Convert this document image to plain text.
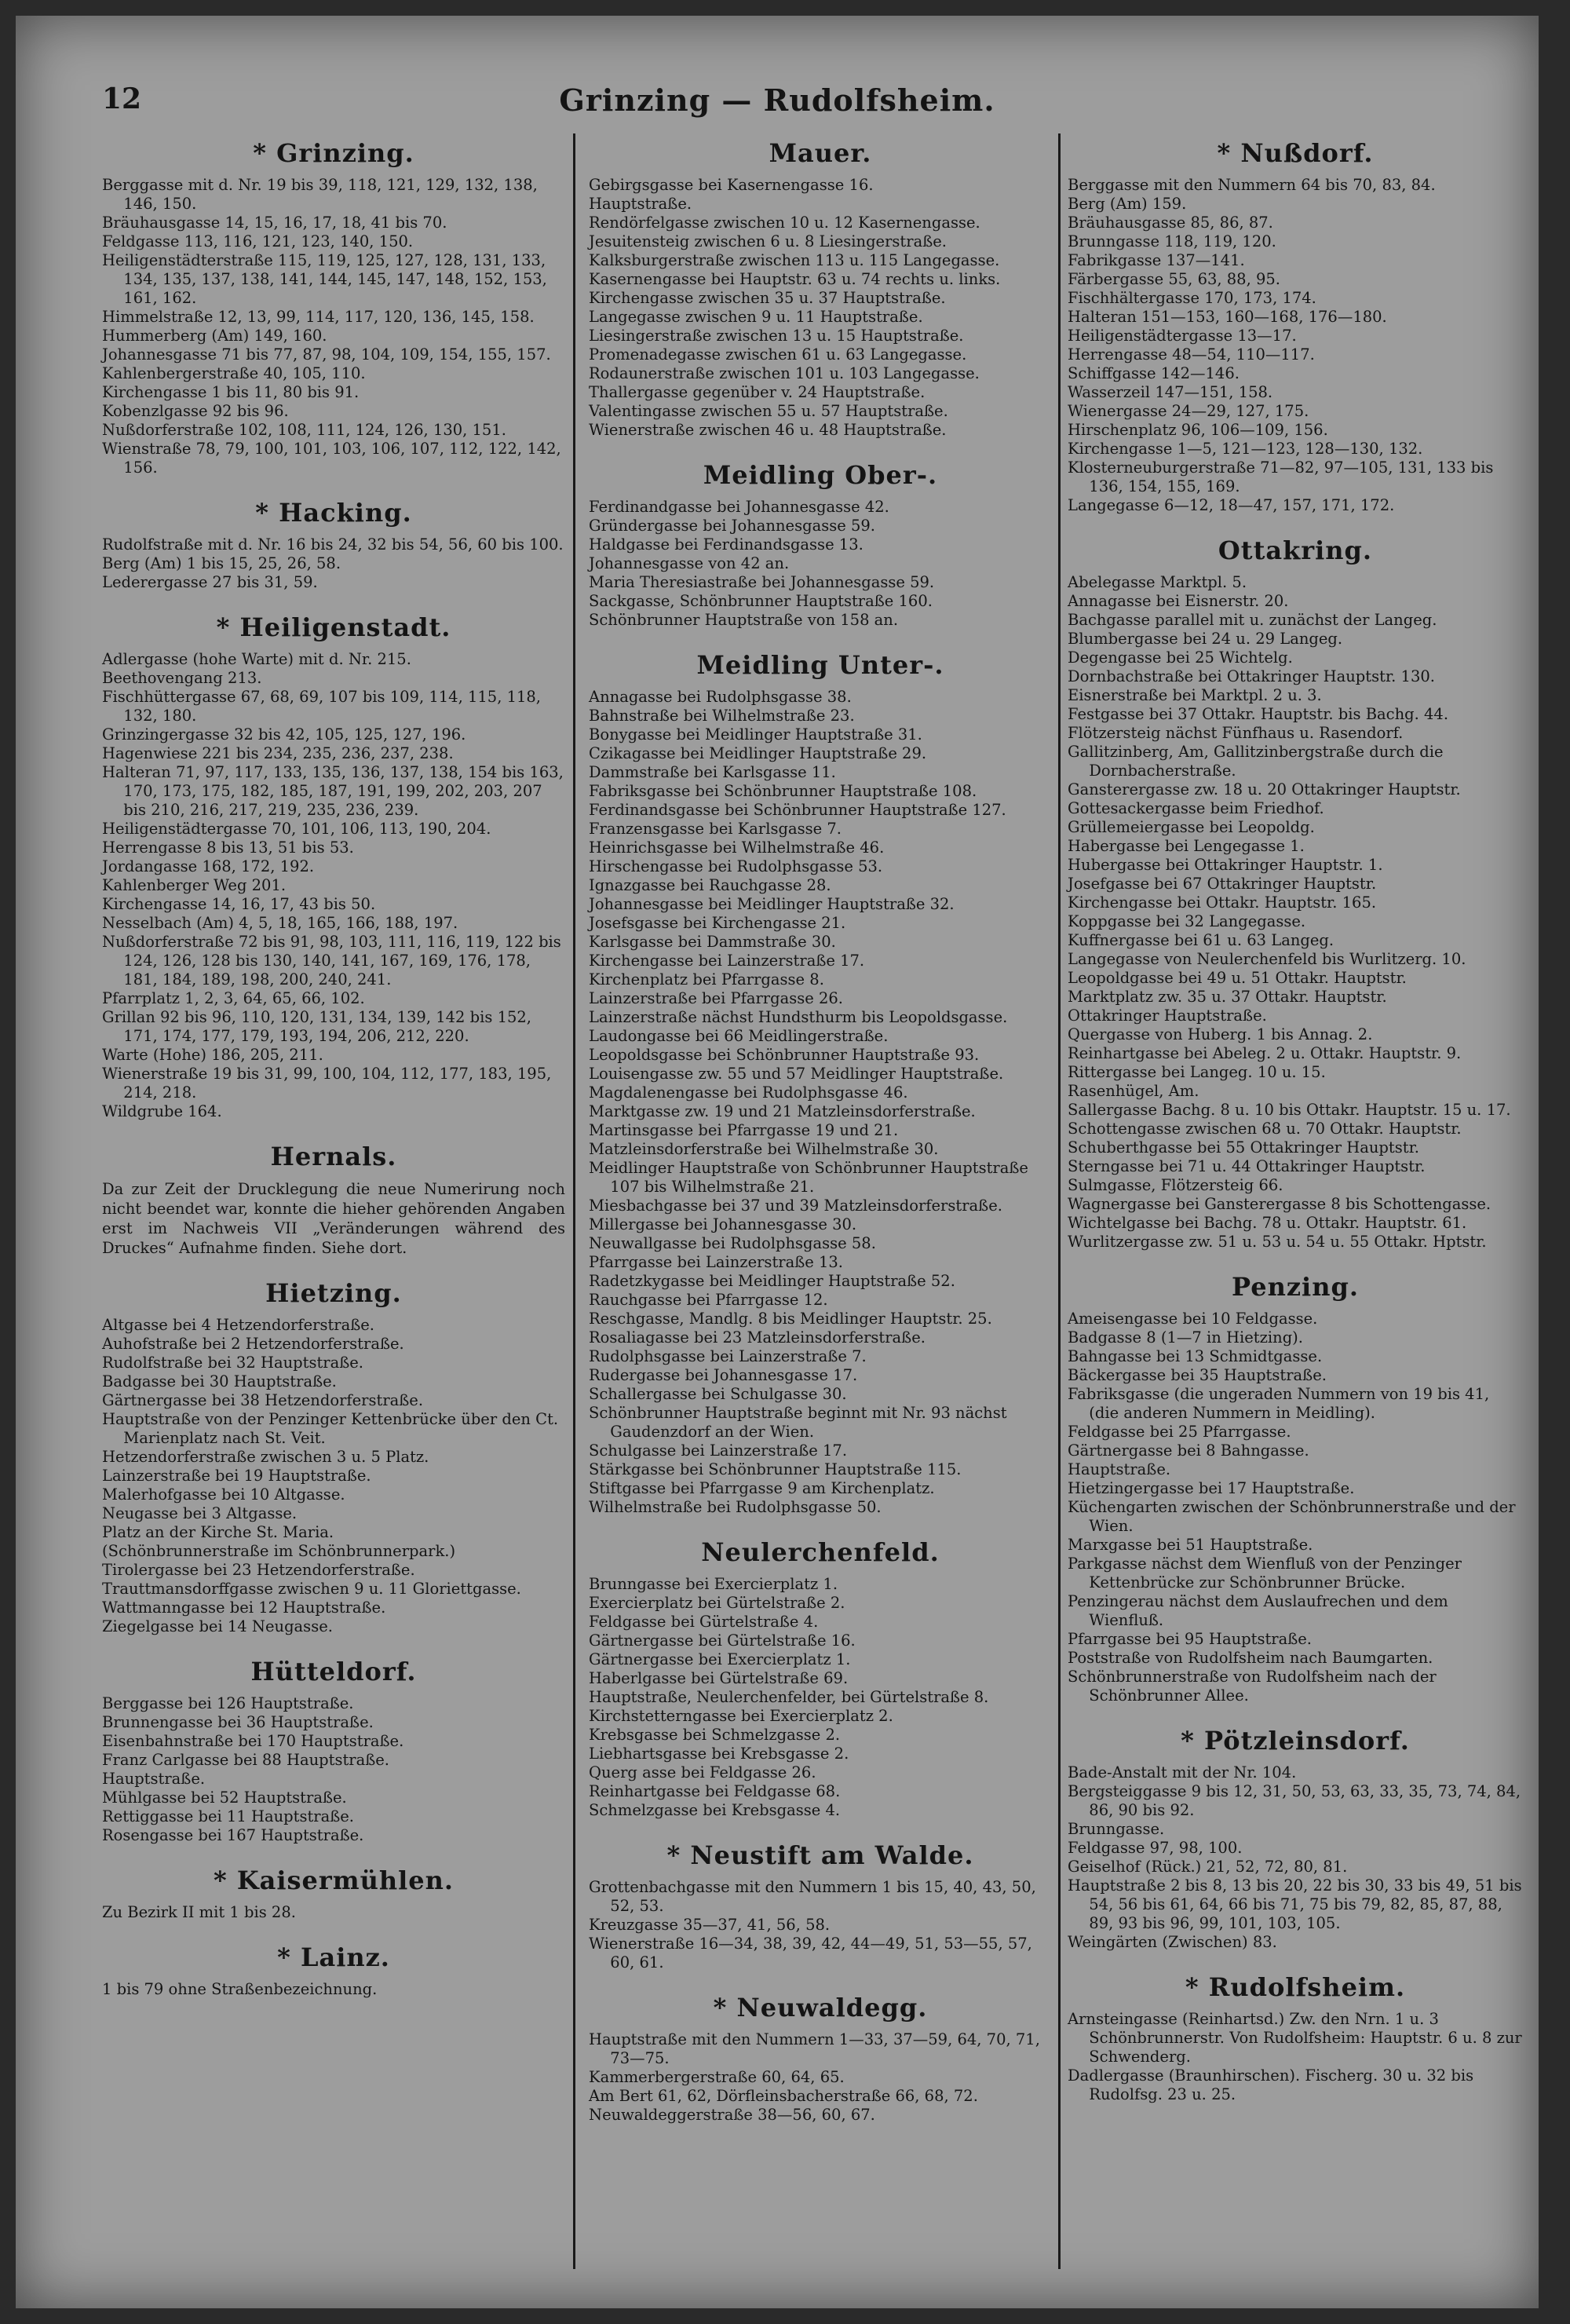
12	Grinzing — Rudolfsheim.
* Grinzing.

Berggasse mit d. Nr. 19 bis 39, 118, 121, 129, 132, 138, 146, 150.

Bräuhausgasse 14, 15, 16, 17, 18, 41 bis 70.

Feldgasse 113, 116, 121, 123, 140, 150.

Heiligenstädterstraße 115, 119, 125, 127, 128, 131, 133, 134, 135, 137, 138, 141, 144, 145, 147, 148, 152, 153, 161, 162.

Himmelstraße 12, 13, 99, 114, 117, 120, 136, 145, 158.

Hummerberg (Am) 149, 160.

Johannesgasse 71 bis 77, 87, 98, 104, 109, 154, 155, 157.

Kahlenbergerstraße 40, 105, 110.

Kirchengasse 1 bis 11, 80 bis 91.

Kobenzlgasse 92 bis 96.

Nußdorferstraße 102, 108, 111, 124, 126, 130, 151.

Wienstraße 78, 79, 100, 101, 103, 106, 107, 112, 122, 142, 156.

* Hacking.

Rudolfstraße mit d. Nr. 16 bis 24, 32 bis 54, 56, 60 bis 100.

Berg (Am) 1 bis 15, 25, 26, 58.

Lederergasse 27 bis 31, 59.

* Heiligenstadt.

Adlergasse (hohe Warte) mit d. Nr. 215.

Beethovengang 213.

Fischhüttergasse 67, 68, 69, 107 bis 109, 114, 115, 118, 132, 180.

Grinzingergasse 32 bis 42, 105, 125, 127, 196.

Hagenwiese 221 bis 234, 235, 236, 237, 238.

Halteran 71, 97, 117, 133, 135, 136, 137, 138, 154 bis 163, 170, 173, 175, 182, 185, 187, 191, 199, 202, 203, 207 bis 210, 216, 217, 219, 235, 236, 239.

Heiligenstädtergasse 70, 101, 106, 113, 190, 204.

Herrengasse 8 bis 13, 51 bis 53.

Jordangasse 168, 172, 192.

Kahlenberger Weg 201.

Kirchengasse 14, 16, 17, 43 bis 50.

Nesselbach (Am) 4, 5, 18, 165, 166, 188, 197.

Nußdorferstraße 72 bis 91, 98, 103, 111, 116, 119, 122 bis 124, 126, 128 bis 130, 140, 141, 167, 169, 176, 178, 181, 184, 189, 198, 200, 240, 241.

Pfarrplatz 1, 2, 3, 64, 65, 66, 102.

Grillan 92 bis 96, 110, 120, 131, 134, 139, 142 bis 152, 171, 174, 177, 179, 193, 194, 206, 212, 220.

Warte (Hohe) 186, 205, 211.

Wienerstraße 19 bis 31, 99, 100, 104, 112, 177, 183, 195, 214, 218.

Wildgrube 164.

Hernals.

Da zur Zeit der Drucklegung die neue Numerirung noch nicht beendet war, konnte die hieher gehörenden Angaben erst im Nachweis VII „Veränderungen während des Druckes“ Aufnahme finden. Siehe dort.

Hietzing.

Altgasse bei 4 Hetzendorferstraße.

Auhofstraße bei 2 Hetzendorferstraße.

Rudolfstraße bei 32 Hauptstraße.

Badgasse bei 30 Hauptstraße.

Gärtnergasse bei 38 Hetzendorferstraße.

Hauptstraße von der Penzinger Kettenbrücke über den Ct. Marienplatz nach St. Veit.

Hetzendorferstraße zwischen 3 u. 5 Platz.

Lainzerstraße bei 19 Hauptstraße.

Malerhofgasse bei 10 Altgasse.

Neugasse bei 3 Altgasse.

Platz an der Kirche St. Maria.

(Schönbrunnerstraße im Schönbrunnerpark.)

Tirolergasse bei 23 Hetzendorferstraße.

Trauttmansdorffgasse zwischen 9 u. 11 Gloriettgasse.

Wattmanngasse bei 12 Hauptstraße.

Ziegelgasse bei 14 Neugasse.

Hütteldorf.

Berggasse bei 126 Hauptstraße.

Brunnengasse bei 36 Hauptstraße.

Eisenbahnstraße bei 170 Hauptstraße.

Franz Carlgasse bei 88 Hauptstraße.

Hauptstraße.

Mühlgasse bei 52 Hauptstraße.

Rettiggasse bei 11 Hauptstraße.

Rosengasse bei 167 Hauptstraße.

* Kaisermühlen.

Zu Bezirk II mit 1 bis 28.

* Lainz.

1 bis 79 ohne Straßenbezeichnung.

Mauer.

Gebirgsgasse bei Kasernengasse 16.

Hauptstraße.

Rendörfelgasse zwischen 10 u. 12 Kasernengasse.

Jesuitensteig zwischen 6 u. 8 Liesingerstraße.

Kalksburgerstraße zwischen 113 u. 115 Langegasse.

Kasernengasse bei Hauptstr. 63 u. 74 rechts u. links.

Kirchengasse zwischen 35 u. 37 Hauptstraße.

Langegasse zwischen 9 u. 11 Hauptstraße.

Liesingerstraße zwischen 13 u. 15 Hauptstraße.

Promenadegasse zwischen 61 u. 63 Langegasse.

Rodaunerstraße zwischen 101 u. 103 Langegasse.

Thallergasse gegenüber v. 24 Hauptstraße.

Valentingasse zwischen 55 u. 57 Hauptstraße.

Wienerstraße zwischen 46 u. 48 Hauptstraße.

Meidling Ober-.

Ferdinandgasse bei Johannesgasse 42.

Gründergasse bei Johannesgasse 59.

Haldgasse bei Ferdinandsgasse 13.

Johannesgasse von 42 an.

Maria Theresiastraße bei Johannesgasse 59.

Sackgasse, Schönbrunner Hauptstraße 160.

Schönbrunner Hauptstraße von 158 an.

Meidling Unter-.

Annagasse bei Rudolphsgasse 38.

Bahnstraße bei Wilhelmstraße 23.

Bonygasse bei Meidlinger Hauptstraße 31.

Czikagasse bei Meidlinger Hauptstraße 29.

Dammstraße bei Karlsgasse 11.

Fabriksgasse bei Schönbrunner Hauptstraße 108.

Ferdinandsgasse bei Schönbrunner Hauptstraße 127.

Franzensgasse bei Karlsgasse 7.

Heinrichsgasse bei Wilhelmstraße 46.

Hirschengasse bei Rudolphsgasse 53.

Ignazgasse bei Rauchgasse 28.

Johannesgasse bei Meidlinger Hauptstraße 32.

Josefsgasse bei Kirchengasse 21.

Karlsgasse bei Dammstraße 30.

Kirchengasse bei Lainzerstraße 17.

Kirchenplatz bei Pfarrgasse 8.

Lainzerstraße bei Pfarrgasse 26.

Lainzerstraße nächst Hundsthurm bis Leopoldsgasse.

Laudongasse bei 66 Meidlingerstraße.

Leopoldsgasse bei Schönbrunner Hauptstraße 93.

Louisengasse zw. 55 und 57 Meidlinger Hauptstraße.

Magdalenengasse bei Rudolphsgasse 46.

Marktgasse zw. 19 und 21 Matzleinsdorferstraße.

Martinsgasse bei Pfarrgasse 19 und 21.

Matzleinsdorferstraße bei Wilhelmstraße 30.

Meidlinger Hauptstraße von Schönbrunner Hauptstraße 107 bis Wilhelmstraße 21.

Miesbachgasse bei 37 und 39 Matzleinsdorferstraße.

Millergasse bei Johannesgasse 30.

Neuwallgasse bei Rudolphsgasse 58.

Pfarrgasse bei Lainzerstraße 13.

Radetzkygasse bei Meidlinger Hauptstraße 52.

Rauchgasse bei Pfarrgasse 12.

Reschgasse, Mandlg. 8 bis Meidlinger Hauptstr. 25.

Rosaliagasse bei 23 Matzleinsdorferstraße.

Rudolphsgasse bei Lainzerstraße 7.

Rudergasse bei Johannesgasse 17.

Schallergasse bei Schulgasse 30.

Schönbrunner Hauptstraße beginnt mit Nr. 93 nächst Gaudenzdorf an der Wien.

Schulgasse bei Lainzerstraße 17.

Stärkgasse bei Schönbrunner Hauptstraße 115.

Stiftgasse bei Pfarrgasse 9 am Kirchenplatz.

Wilhelmstraße bei Rudolphsgasse 50.

Neulerchenfeld.

Brunngasse bei Exercierplatz 1.

Exercierplatz bei Gürtelstraße 2.

Feldgasse bei Gürtelstraße 4.

Gärtnergasse bei Gürtelstraße 16.

Gärtnergasse bei Exercierplatz 1.

Haberlgasse bei Gürtelstraße 69.

Hauptstraße, Neulerchenfelder, bei Gürtelstraße 8.

Kirchstetterngasse bei Exercierplatz 2.

Krebsgasse bei Schmelzgasse 2.

Liebhartsgasse bei Krebsgasse 2.

Querg asse bei Feldgasse 26.

Reinhartgasse bei Feldgasse 68.

Schmelzgasse bei Krebsgasse 4.

* Neustift am Walde.

Grottenbachgasse mit den Nummern 1 bis 15, 40, 43, 50, 52, 53.

Kreuzgasse 35—37, 41, 56, 58.

Wienerstraße 16—34, 38, 39, 42, 44—49, 51, 53—55, 57, 60, 61.

* Neuwaldegg.

Hauptstraße mit den Nummern 1—33, 37—59, 64, 70, 71, 73—75.

Kammerbergerstraße 60, 64, 65.

Am Bert 61, 62, Dörfleinsbacherstraße 66, 68, 72.

Neuwaldeggerstraße 38—56, 60, 67.

* Nußdorf.

Berggasse mit den Nummern 64 bis 70, 83, 84.

Berg (Am) 159.

Bräuhausgasse 85, 86, 87.

Brunngasse 118, 119, 120.

Fabrikgasse 137—141.

Färbergasse 55, 63, 88, 95.

Fischhältergasse 170, 173, 174.

Halteran 151—153, 160—168, 176—180.

Heiligenstädtergasse 13—17.

Herrengasse 48—54, 110—117.

Schiffgasse 142—146.

Wasserzeil 147—151, 158.

Wienergasse 24—29, 127, 175.

Hirschenplatz 96, 106—109, 156.

Kirchengasse 1—5, 121—123, 128—130, 132.

Klosterneuburgerstraße 71—82, 97—105, 131, 133 bis 136, 154, 155, 169.

Langegasse 6—12, 18—47, 157, 171, 172.

Ottakring.

Abelegasse Marktpl. 5.

Annagasse bei Eisnerstr. 20.

Bachgasse parallel mit u. zunächst der Langeg.

Blumbergasse bei 24 u. 29 Langeg.

Degengasse bei 25 Wichtelg.

Dornbachstraße bei Ottakringer Hauptstr. 130.

Eisnerstraße bei Marktpl. 2 u. 3.

Festgasse bei 37 Ottakr. Hauptstr. bis Bachg. 44.

Flötzersteig nächst Fünfhaus u. Rasendorf.

Gallitzinberg, Am, Gallitzinbergstraße durch die Dornbacherstraße.

Gansterergasse zw. 18 u. 20 Ottakringer Hauptstr.

Gottesackergasse beim Friedhof.

Grüllemeiergasse bei Leopoldg.

Habergasse bei Lengegasse 1.

Hubergasse bei Ottakringer Hauptstr. 1.

Josefgasse bei 67 Ottakringer Hauptstr.

Kirchengasse bei Ottakr. Hauptstr. 165.

Koppgasse bei 32 Langegasse.

Kuffnergasse bei 61 u. 63 Langeg.

Langegasse von Neulerchenfeld bis Wurlitzerg. 10.

Leopoldgasse bei 49 u. 51 Ottakr. Hauptstr.

Marktplatz zw. 35 u. 37 Ottakr. Hauptstr.

Ottakringer Hauptstraße.

Quergasse von Huberg. 1 bis Annag. 2.

Reinhartgasse bei Abeleg. 2 u. Ottakr. Hauptstr. 9.

Rittergasse bei Langeg. 10 u. 15.

Rasenhügel, Am.

Sallergasse Bachg. 8 u. 10 bis Ottakr. Hauptstr. 15 u. 17.

Schottengasse zwischen 68 u. 70 Ottakr. Hauptstr.

Schuberthgasse bei 55 Ottakringer Hauptstr.

Sterngasse bei 71 u. 44 Ottakringer Hauptstr.

Sulmgasse, Flötzersteig 66.

Wagnergasse bei Gansterergasse 8 bis Schottengasse.

Wichtelgasse bei Bachg. 78 u. Ottakr. Hauptstr. 61.

Wurlitzergasse zw. 51 u. 53 u. 54 u. 55 Ottakr. Hptstr.

Penzing.

Ameisengasse bei 10 Feldgasse.

Badgasse 8 (1—7 in Hietzing).

Bahngasse bei 13 Schmidtgasse.

Bäckergasse bei 35 Hauptstraße.

Fabriksgasse (die ungeraden Nummern von 19 bis 41, (die anderen Nummern in Meidling).

Feldgasse bei 25 Pfarrgasse.

Gärtnergasse bei 8 Bahngasse.

Hauptstraße.

Hietzingergasse bei 17 Hauptstraße.

Küchengarten zwischen der Schönbrunnerstraße und der Wien.

Marxgasse bei 51 Hauptstraße.

Parkgasse nächst dem Wienfluß von der Penzinger Kettenbrücke zur Schönbrunner Brücke.

Penzingerau nächst dem Auslaufrechen und dem Wienfluß.

Pfarrgasse bei 95 Hauptstraße.

Poststraße von Rudolfsheim nach Baumgarten.

Schönbrunnerstraße von Rudolfsheim nach der Schönbrunner Allee.

* Pötzleinsdorf.

Bade-Anstalt mit der Nr. 104.

Bergsteiggasse 9 bis 12, 31, 50, 53, 63, 33, 35, 73, 74, 84, 86, 90 bis 92.

Brunngasse.

Feldgasse 97, 98, 100.

Geiselhof (Rück.) 21, 52, 72, 80, 81.

Hauptstraße 2 bis 8, 13 bis 20, 22 bis 30, 33 bis 49, 51 bis 54, 56 bis 61, 64, 66 bis 71, 75 bis 79, 82, 85, 87, 88, 89, 93 bis 96, 99, 101, 103, 105.

Weingärten (Zwischen) 83.

* Rudolfsheim.

Arnsteingasse (Reinhartsd.) Zw. den Nrn. 1 u. 3 Schönbrunnerstr. Von Rudolfsheim: Hauptstr. 6 u. 8 zur Schwenderg.

Dadlergasse (Braunhirschen). Fischerg. 30 u. 32 bis Rudolfsg. 23 u. 25.
